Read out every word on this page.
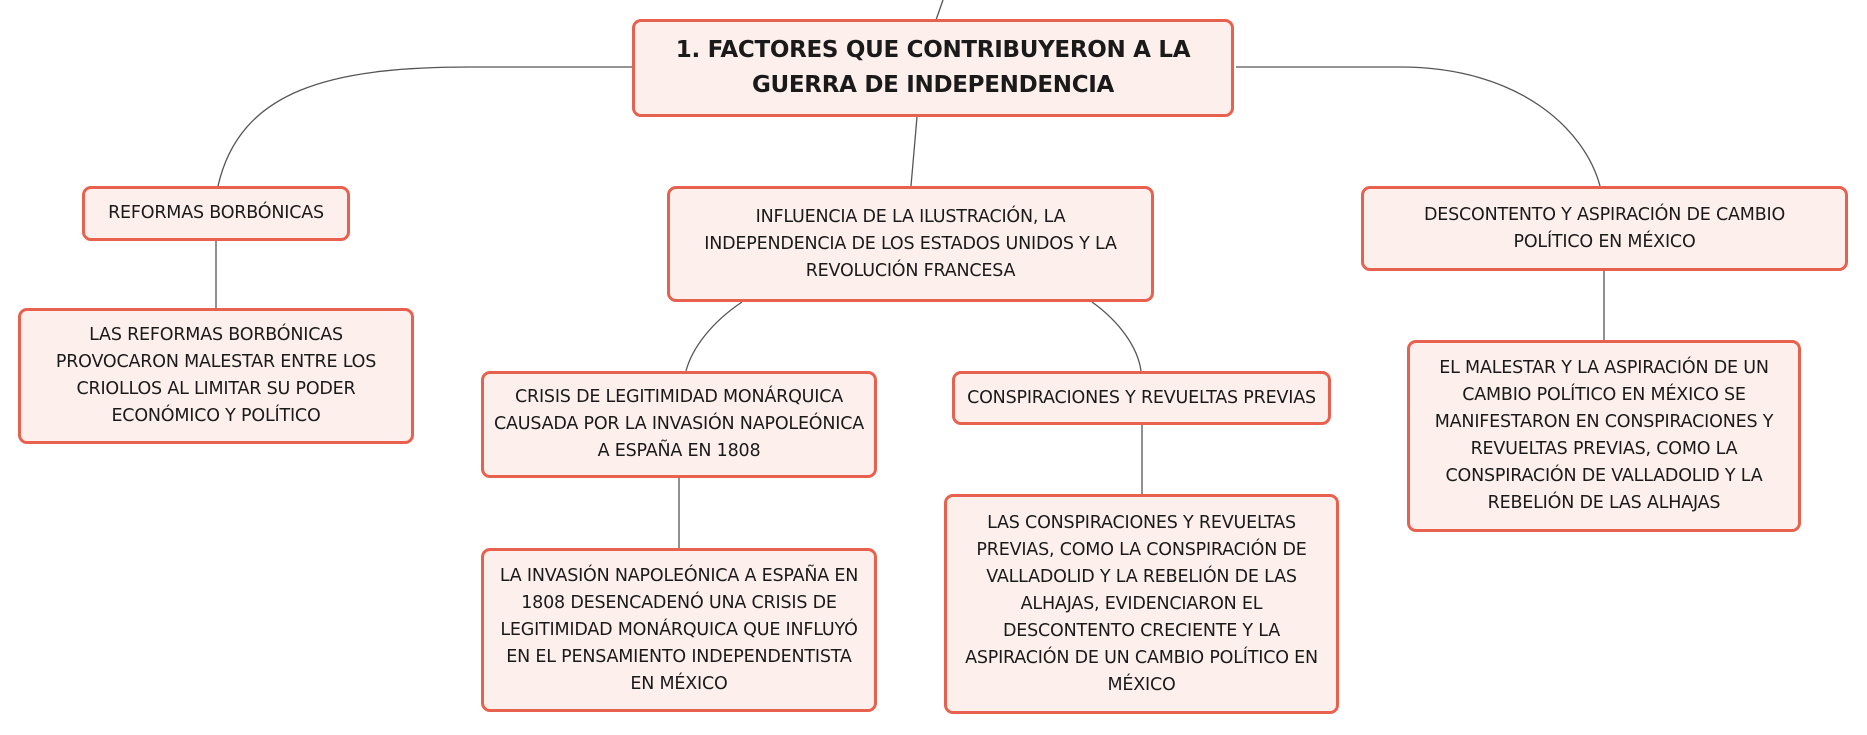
1. FACTORES QUE CONTRIBUYERON A LA GUERRA DE INDEPENDENCIA
REFORMAS BORBÓNICAS
LAS REFORMAS BORBÓNICAS PROVOCARON MALESTAR ENTRE LOS CRIOLLOS AL LIMITAR SU PODER ECONÓMICO Y POLÍTICO
INFLUENCIA DE LA ILUSTRACIÓN, LA INDEPENDENCIA DE LOS ESTADOS UNIDOS Y LA REVOLUCIÓN FRANCESA
CRISIS DE LEGITIMIDAD MONÁRQUICA CAUSADA POR LA INVASIÓN NAPOLEÓNICA A ESPAÑA EN 1808
LA INVASIÓN NAPOLEÓNICA A ESPAÑA EN 1808 DESENCADENÓ UNA CRISIS DE LEGITIMIDAD MONÁRQUICA QUE INFLUYÓ EN EL PENSAMIENTO INDEPENDENTISTA EN MÉXICO
CONSPIRACIONES Y REVUELTAS PREVIAS
LAS CONSPIRACIONES Y REVUELTAS PREVIAS, COMO LA CONSPIRACIÓN DE VALLADOLID Y LA REBELIÓN DE LAS ALHAJAS, EVIDENCIARON EL DESCONTENTO CRECIENTE Y LA ASPIRACIÓN DE UN CAMBIO POLÍTICO EN MÉXICO
DESCONTENTO Y ASPIRACIÓN DE CAMBIO POLÍTICO EN MÉXICO
EL MALESTAR Y LA ASPIRACIÓN DE UN CAMBIO POLÍTICO EN MÉXICO SE MANIFESTARON EN CONSPIRACIONES Y REVUELTAS PREVIAS, COMO LA CONSPIRACIÓN DE VALLADOLID Y LA REBELIÓN DE LAS ALHAJAS
